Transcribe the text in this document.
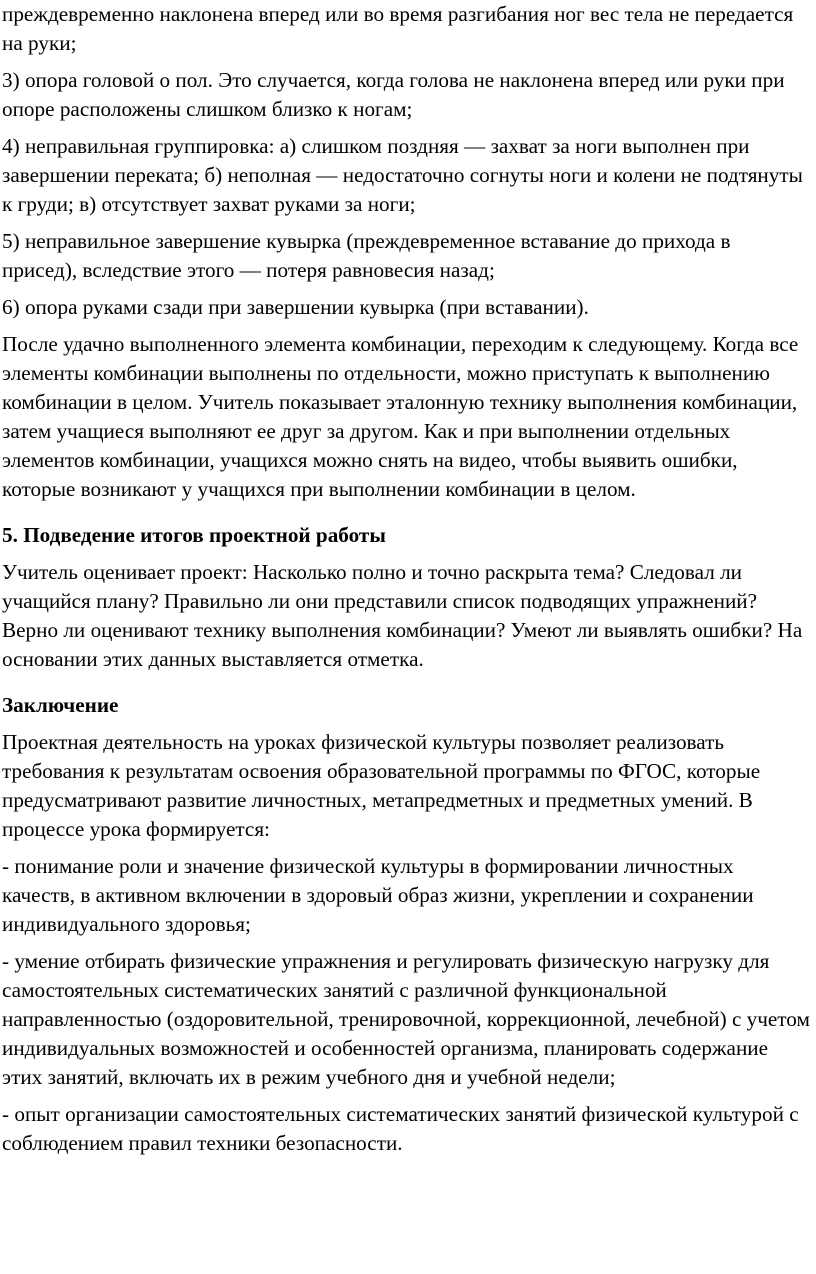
преждевременно наклонена вперед или во время разгибания ног вес тела не передается на руки;

3) опора головой о пол. Это случается, когда голова не наклонена вперед или руки при опоре расположены слишком близко к ногам;

4) неправильная группировка: а) слишком поздняя — захват за ноги выполнен при завершении переката; б) неполная — недостаточно согнуты ноги и колени не подтянуты к груди; в) отсутствует захват руками за ноги;

5) неправильное завершение кувырка (преждевременное вставание до прихода в присед), вследствие этого — потеря равновесия назад;

6) опора руками сзади при завершении кувырка (при вставании).

После удачно выполненного элемента комбинации, переходим к следующему. Когда все элементы комбинации выполнены по отдельности, можно приступать к выполнению комбинации в целом. Учитель показывает эталонную технику выполнения комбинации, затем учащиеся выполняют ее друг за другом. Как и при выполнении отдельных элементов комбинации, учащихся можно снять на видео, чтобы выявить ошибки, которые возникают у учащихся при выполнении комбинации в целом.

5. Подведение итогов проектной работы

Учитель оценивает проект: Насколько полно и точно раскрыта тема? Следовал ли учащийся плану? Правильно ли они представили список подводящих упражнений? Верно ли оценивают технику выполнения комбинации? Умеют ли выявлять ошибки? На основании этих данных выставляется отметка.

Заключение

Проектная деятельность на уроках физической культуры позволяет реализовать требования к результатам освоения образовательной программы по ФГОС, которые предусматривают развитие личностных, метапредметных и предметных умений. В процессе урока формируется:

- понимание роли и значение физической культуры в формировании личностных качеств, в активном включении в здоровый образ жизни, укреплении и сохранении индивидуального здоровья;

- умение отбирать физические упражнения и регулировать физическую нагрузку для самостоятельных систематических занятий с различной функциональной направленностью (оздоровительной, тренировочной, коррекционной, лечебной) с учетом индивидуальных возможностей и особенностей организма, планировать содержание этих занятий, включать их в режим учебного дня и учебной недели;

- опыт организации самостоятельных систематических занятий физической культурой с соблюдением правил техники безопасности.
